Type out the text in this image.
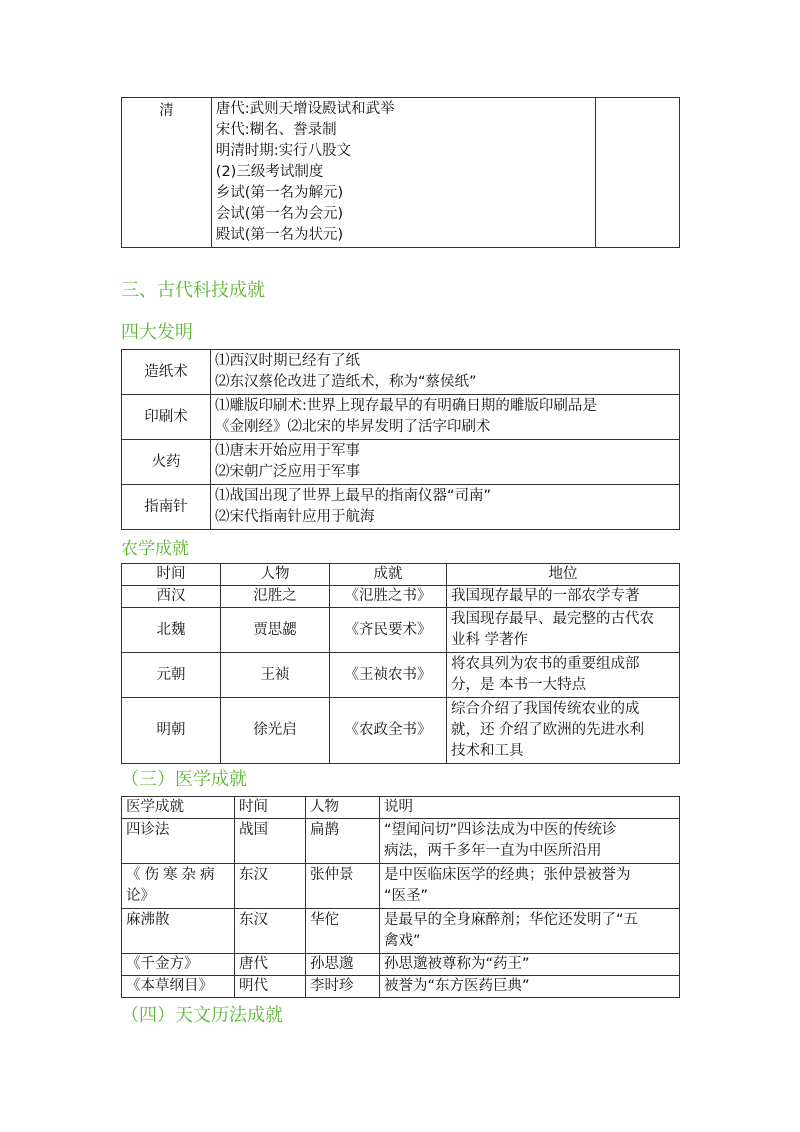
清	唐代:武则天增设殿试和武举
宋代:糊名、誊录制
明清时期:实行八股文
(2)三级考试制度
乡试(第一名为解元)
会试(第一名为会元)
殿试(第一名为状元)

三、古代科技成就
四大发明
造纸术	⑴西汉时期已经有了纸
⑵东汉蔡伦改进了造纸术，称为“蔡侯纸”

印刷术	⑴雕版印刷术:世界上现存最早的有明确日期的雕版印刷品是
《金刚经》⑵北宋的毕昇发明了活字印刷术

火药	⑴唐末开始应用于军事
⑵宋朝广泛应用于军事

指南针	⑴战国出现了世界上最早的指南仪器“司南”
⑵宋代指南针应用于航海
农学成就
时间	人物	成就	地位
西汉	氾胜之	《氾胜之书》	我国现存最早的一部农学专著

北魏	贾思勰	《齐民要术》	我国现存最早、最完整的古代农
业科 学著作

元朝	王祯	《王祯农书》	将农具列为农书的重要组成部
分，是 本书一大特点

明朝	徐光启	《农政全书》	综合介绍了我国传统农业的成
就，还 介绍了欧洲的先进水利
技术和工具
（三）医学成就
医学成就	时间	人物	说明

四诊法	战国	扁鹊	“望闻问切”四诊法成为中医的传统诊
病法，两千多年一直为中医所沿用

《伤寒杂病
论》	东汉	张仲景	是中医临床医学的经典；张仲景被誉为
“医圣”

麻沸散	东汉	华佗	是最早的全身麻醉剂；华佗还发明了“五
禽戏”

《千金方》	唐代	孙思邈	孙思邈被尊称为“药王”

《本草纲目》	明代	李时珍	被誉为“东方医药巨典”
（四）天文历法成就
